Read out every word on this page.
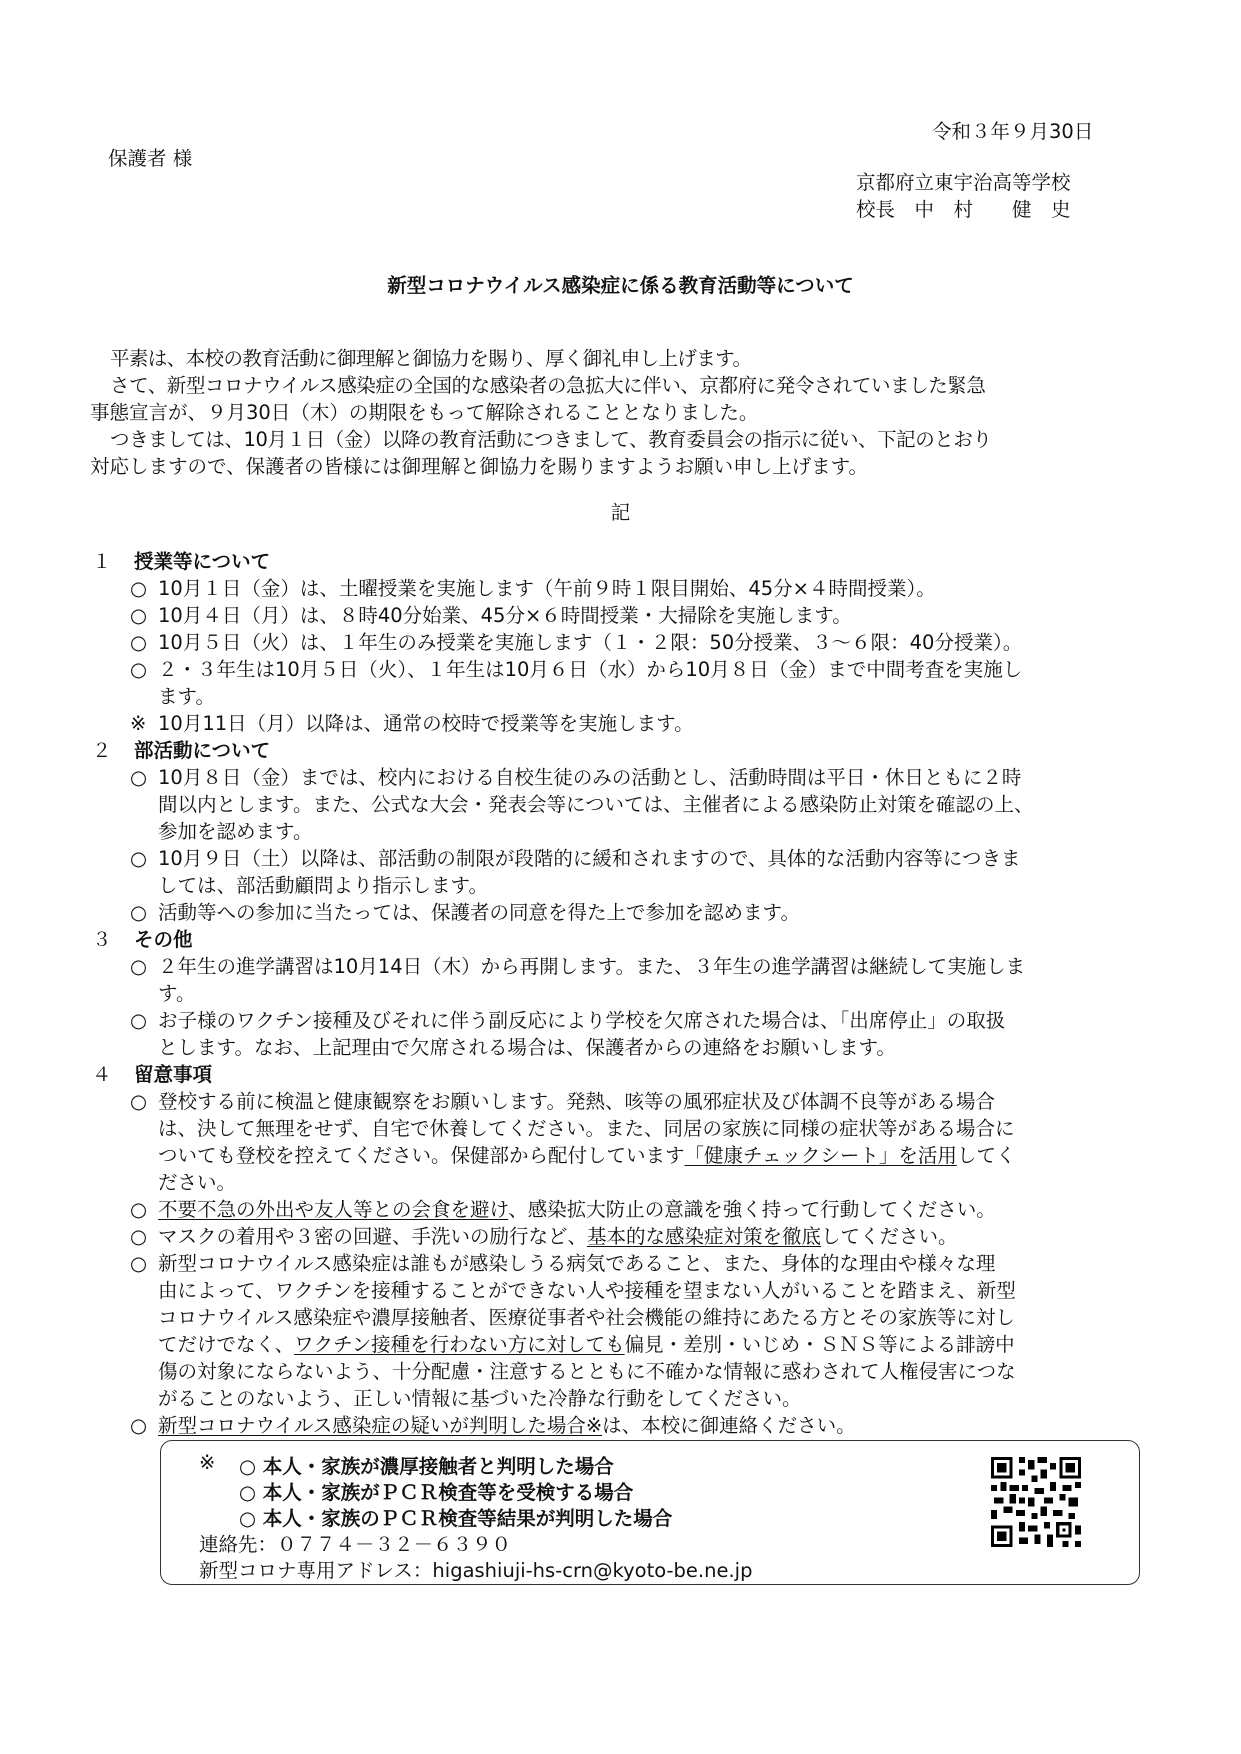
令和３年９月30日
保護者 様
京都府立東宇治高等学校
校長　中　村　　健　史
新型コロナウイルス感染症に係る教育活動等について
平素は、本校の教育活動に御理解と御協力を賜り、厚く御礼申し上げます。
さて、新型コロナウイルス感染症の全国的な感染者の急拡大に伴い、京都府に発令されていました緊急
事態宣言が、９月30日（木）の期限をもって解除されることとなりました。
つきましては、10月１日（金）以降の教育活動につきまして、教育委員会の指示に従い、下記のとおり
対応しますので、保護者の皆様には御理解と御協力を賜りますようお願い申し上げます。
記
１ 授業等について
○ 10月１日（金）は、土曜授業を実施します（午前９時１限目開始、45分×４時間授業）。
○ 10月４日（月）は、８時40分始業、45分×６時間授業・大掃除を実施します。
○ 10月５日（火）は、１年生のみ授業を実施します（１・２限：50分授業、３～６限：40分授業）。
○ ２・３年生は10月５日（火）、１年生は10月６日（水）から10月８日（金）まで中間考査を実施し
ます。
※ 10月11日（月）以降は、通常の校時で授業等を実施します。
２ 部活動について
○ 10月８日（金）までは、校内における自校生徒のみの活動とし、活動時間は平日・休日ともに２時
間以内とします。また、公式な大会・発表会等については、主催者による感染防止対策を確認の上、
参加を認めます。
○ 10月９日（土）以降は、部活動の制限が段階的に緩和されますので、具体的な活動内容等につきま
しては、部活動顧問より指示します。
○ 活動等への参加に当たっては、保護者の同意を得た上で参加を認めます。
３ その他
○ ２年生の進学講習は10月14日（木）から再開します。また、３年生の進学講習は継続して実施しま
す。
○ お子様のワクチン接種及びそれに伴う副反応により学校を欠席された場合は、「出席停止」の取扱
とします。なお、上記理由で欠席される場合は、保護者からの連絡をお願いします。
４ 留意事項
○ 登校する前に検温と健康観察をお願いします。発熱、咳等の風邪症状及び体調不良等がある場合
は、決して無理をせず、自宅で休養してください。また、同居の家族に同様の症状等がある場合に
ついても登校を控えてください。保健部から配付しています「健康チェックシート」を活用してく
ださい。
○ 不要不急の外出や友人等との会食を避け、感染拡大防止の意識を強く持って行動してください。
○ マスクの着用や３密の回避、手洗いの励行など、基本的な感染症対策を徹底してください。
○ 新型コロナウイルス感染症は誰もが感染しうる病気であること、また、身体的な理由や様々な理
由によって、ワクチンを接種することができない人や接種を望まない人がいることを踏まえ、新型
コロナウイルス感染症や濃厚接触者、医療従事者や社会機能の維持にあたる方とその家族等に対し
てだけでなく、ワクチン接種を行わない方に対しても偏見・差別・いじめ・ＳＮＳ等による誹謗中
傷の対象にならないよう、十分配慮・注意するとともに不確かな情報に惑わされて人権侵害につな
がることのないよう、正しい情報に基づいた冷静な行動をしてください。
○ 新型コロナウイルス感染症の疑いが判明した場合※は、本校に御連絡ください。
※ ○ 本人・家族が濃厚接触者と判明した場合
○ 本人・家族がＰＣＲ検査等を受検する場合
○ 本人・家族のＰＣＲ検査等結果が判明した場合
連絡先：０７７４－３２－６３９０
新型コロナ専用アドレス：higashiuji-hs-crn@kyoto-be.ne.jp
